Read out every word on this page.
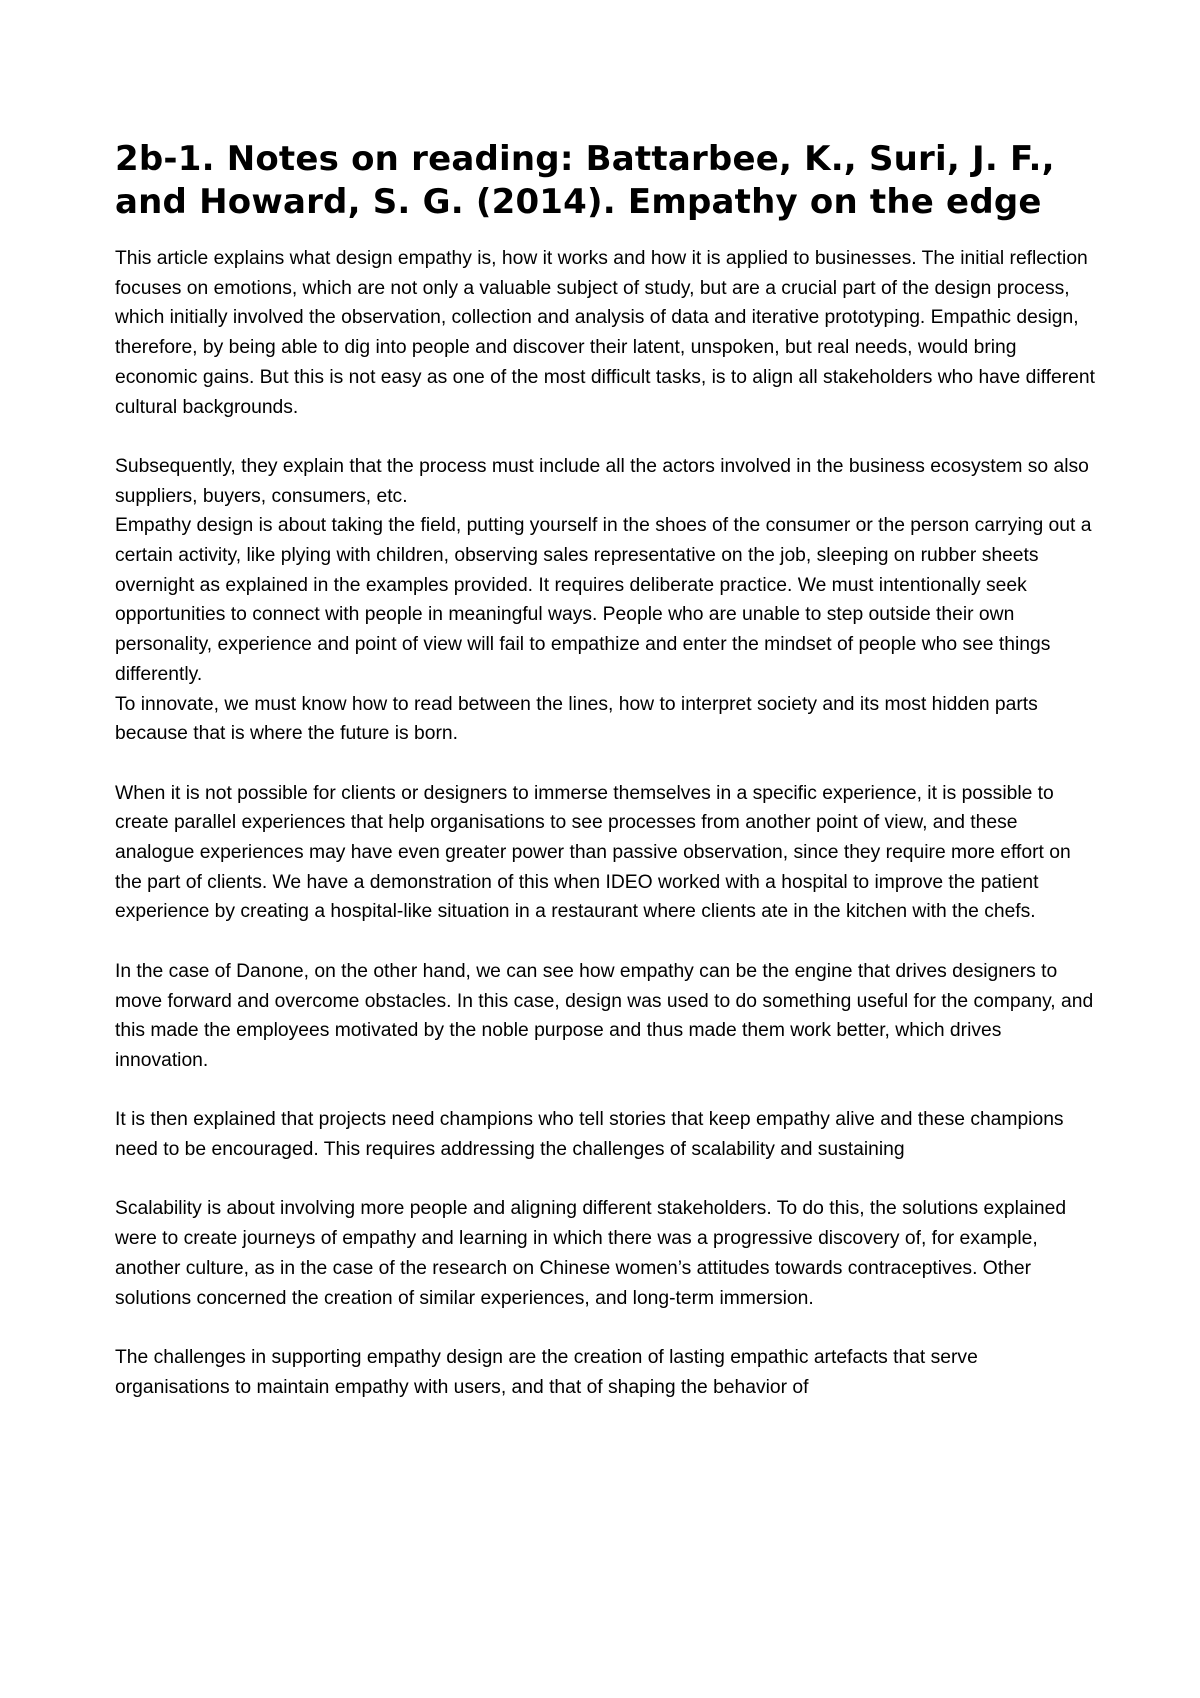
2b-1. Notes on reading: Battarbee, K., Suri, J. F., and Howard, S. G. (2014). Empathy on the edge

This article explains what design empathy is, how it works and how it is applied to businesses. The initial reflection focuses on emotions, which are not only a valuable subject of study, but are a crucial part of the design process, which initially involved the observation, collection and analysis of data and iterative prototyping. Empathic design, therefore, by being able to dig into people and discover their latent, unspoken, but real needs, would bring economic gains. But this is not easy as one of the most difficult tasks, is to align all stakeholders who have different cultural backgrounds.

Subsequently, they explain that the process must include all the actors involved in the business ecosystem so also suppliers, buyers, consumers, etc.

Empathy design is about taking the field, putting yourself in the shoes of the consumer or the person carrying out a certain activity, like plying with children, observing sales representative on the job, sleeping on rubber sheets overnight as explained in the examples provided. It requires deliberate practice. We must intentionally seek opportunities to connect with people in meaningful ways. People who are unable to step outside their own personality, experience and point of view will fail to empathize and enter the mindset of people who see things differently.

To innovate, we must know how to read between the lines, how to interpret society and its most hidden parts because that is where the future is born.

When it is not possible for clients or designers to immerse themselves in a specific experience, it is possible to create parallel experiences that help organisations to see processes from another point of view, and these analogue experiences may have even greater power than passive observation, since they require more effort on the part of clients. We have a demonstration of this when IDEO worked with a hospital to improve the patient experience by creating a hospital-like situation in a restaurant where clients ate in the kitchen with the chefs.

In the case of Danone, on the other hand, we can see how empathy can be the engine that drives designers to move forward and overcome obstacles. In this case, design was used to do something useful for the company, and this made the employees motivated by the noble purpose and thus made them work better, which drives innovation.

It is then explained that projects need champions who tell stories that keep empathy alive and these champions need to be encouraged. This requires addressing the challenges of scalability and sustaining

Scalability is about involving more people and aligning different stakeholders. To do this, the solutions explained were to create journeys of empathy and learning in which there was a progressive discovery of, for example, another culture, as in the case of the research on Chinese women’s attitudes towards contraceptives. Other solutions concerned the creation of similar experiences, and long-term immersion.

The challenges in supporting empathy design are the creation of lasting empathic artefacts that serve organisations to maintain empathy with users, and that of shaping the behavior of
